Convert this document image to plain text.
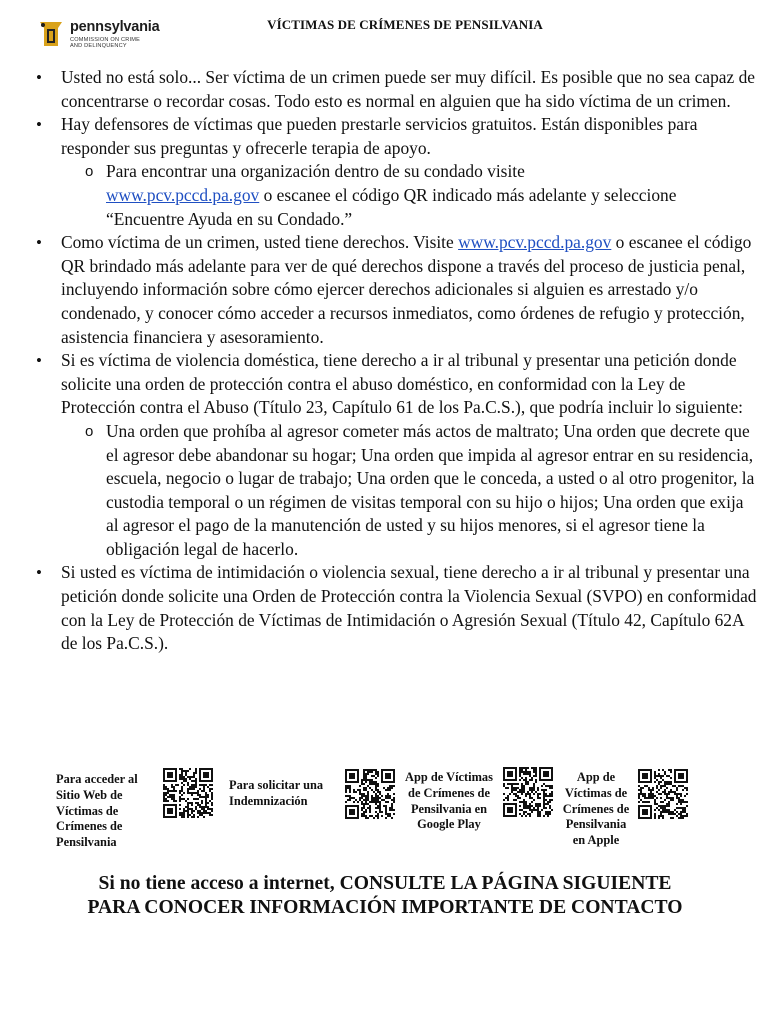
pennsylvania
COMMISSION ON CRIME
AND DELINQUENCY
VÍCTIMAS DE CRÍMENES DE PENSILVANIA
• Usted no está solo... Ser víctima de un crimen puede ser muy difícil. Es posible que no sea capaz de concentrarse o recordar cosas. Todo esto es normal en alguien que ha sido víctima de un crimen.
• Hay defensores de víctimas que pueden prestarle servicios gratuitos. Están disponibles para responder sus preguntas y ofrecerle terapia de apoyo.
o Para encontrar una organización dentro de su condado visite
www.pcv.pccd.pa.gov o escanee el código QR indicado más adelante y seleccione “Encuentre Ayuda en su Condado.”
• Como víctima de un crimen, usted tiene derechos. Visite www.pcv.pccd.pa.gov o escanee el código QR brindado más adelante para ver de qué derechos dispone a través del proceso de justicia penal, incluyendo información sobre cómo ejercer derechos adicionales si alguien es arrestado y/o condenado, y conocer cómo acceder a recursos inmediatos, como órdenes de refugio y protección, asistencia financiera y asesoramiento.
• Si es víctima de violencia doméstica, tiene derecho a ir al tribunal y presentar una petición donde solicite una orden de protección contra el abuso doméstico, en conformidad con la Ley de Protección contra el Abuso (Título 23, Capítulo 61 de los Pa.C.S.), que podría incluir lo siguiente:
o Una orden que prohíba al agresor cometer más actos de maltrato; Una orden que decrete que el agresor debe abandonar su hogar; Una orden que impida al agresor entrar en su residencia, escuela, negocio o lugar de trabajo; Una orden que le conceda, a usted o al otro progenitor, la custodia temporal o un régimen de visitas temporal con su hijo o hijos; Una orden que exija al agresor el pago de la manutención de usted y su hijos menores, si el agresor tiene la obligación legal de hacerlo.
• Si usted es víctima de intimidación o violencia sexual, tiene derecho a ir al tribunal y presentar una petición donde solicite una Orden de Protección contra la Violencia Sexual (SVPO) en conformidad con la Ley de Protección de Víctimas de Intimidación o Agresión Sexual (Título 42, Capítulo 62A de los Pa.C.S.).
Para acceder al
Sitio Web de
Víctimas de
Crímenes de
Pensilvania
Para solicitar una
Indemnización
App de Víctimas
de Crímenes de
Pensilvania en
Google Play
App de
Víctimas de
Crímenes de
Pensilvania
en Apple
Si no tiene acceso a internet, CONSULTE LA PÁGINA SIGUIENTE
PARA CONOCER INFORMACIÓN IMPORTANTE DE CONTACTO
